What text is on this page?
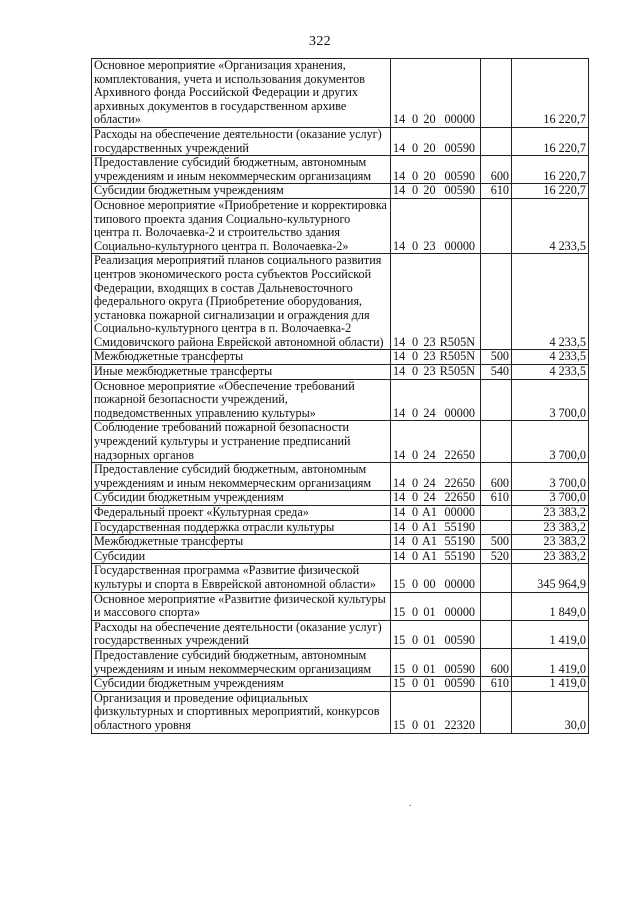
322
Основное мероприятие «Организация хранения, комплектования, учета и использования документов Архивного фонда Российской Федерации и других архивных документов в государственном архиве области»	14 0 20 00000		16 220,7
Расходы на обеспечение деятельности (оказание услуг) государственных учреждений	14 0 20 00590		16 220,7
Предоставление субсидий бюджетным, автономным учреждениям и иным некоммерческим организациям	14 0 20 00590	600	16 220,7
Субсидии бюджетным учреждениям	14 0 20 00590	610	16 220,7
Основное мероприятие «Приобретение и корректировка типового проекта здания Социально-культурного центра п. Волочаевка-2 и строительство здания Социально-культурного центра п. Волочаевка-2»	14 0 23 00000		4 233,5
Реализация мероприятий планов социального развития центров экономического роста субъектов Российской Федерации, входящих в состав Дальневосточного федерального округа (Приобретение оборудования, установка пожарной сигнализации и ограждения для Социально-культурного центра в п. Волочаевка-2 Смидовичского района Еврейской автономной области)	14 0 23 R505N		4 233,5
Межбюджетные трансферты	14 0 23 R505N	500	4 233,5
Иные межбюджетные трансферты	14 0 23 R505N	540	4 233,5
Основное мероприятие «Обеспечение требований пожарной безопасности учреждений, подведомственных управлению культуры»	14 0 24 00000		3 700,0
Соблюдение требований пожарной безопасности учреждений культуры и устранение предписаний надзорных органов	14 0 24 22650		3 700,0
Предоставление субсидий бюджетным, автономным учреждениям и иным некоммерческим организациям	14 0 24 22650	600	3 700,0
Субсидии бюджетным учреждениям	14 0 24 22650	610	3 700,0
Федеральный проект «Культурная среда»	14 0 A1 00000		23 383,2
Государственная поддержка отрасли культуры	14 0 A1 55190		23 383,2
Межбюджетные трансферты	14 0 A1 55190	500	23 383,2
Субсидии	14 0 A1 55190	520	23 383,2
Государственная программа «Развитие физической культуры и спорта в Евврейской автономной области»	15 0 00 00000		345 964,9
Основное мероприятие «Развитие физической культуры и массового спорта»	15 0 01 00000		1 849,0
Расходы на обеспечение деятельности (оказание услуг) государственных учреждений	15 0 01 00590		1 419,0
Предоставление субсидий бюджетным, автономным учреждениям и иным некоммерческим организациям	15 0 01 00590	600	1 419,0
Субсидии бюджетным учреждениям	15 0 01 00590	610	1 419,0
Организация и проведение официальных физкультурных и спортивных мероприятий, конкурсов областного уровня	15 0 01 22320		30,0
.
